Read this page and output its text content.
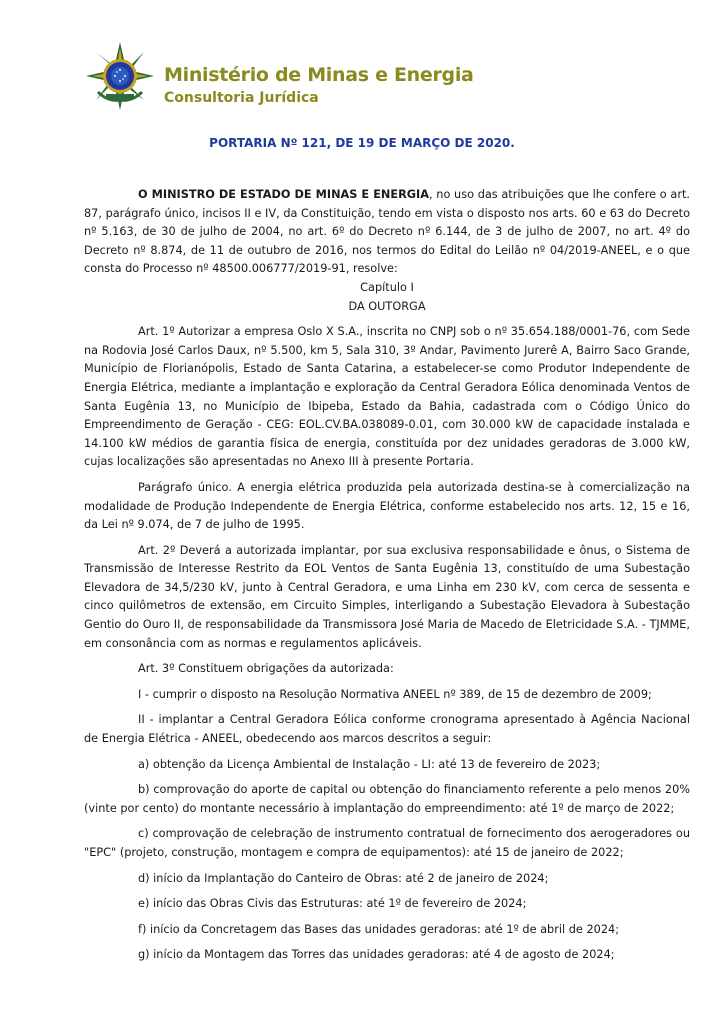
Ministério de Minas e Energia
Consultoria Jurídica
PORTARIA Nº 121, DE 19 DE MARÇO DE 2020.

O MINISTRO DE ESTADO DE MINAS E ENERGIA, no uso das atribuições que lhe confere o art. 87, parágrafo único, incisos II e IV, da Constituição, tendo em vista o disposto nos arts. 60 e 63 do Decreto nº 5.163, de 30 de julho de 2004, no art. 6º do Decreto nº 6.144, de 3 de julho de 2007, no art. 4º do Decreto nº 8.874, de 11 de outubro de 2016, nos termos do Edital do Leilão nº 04/2019-ANEEL, e o que consta do Processo nº 48500.006777/2019-91, resolve:

Capítulo I

DA OUTORGA

Art. 1º Autorizar a empresa Oslo X S.A., inscrita no CNPJ sob o nº 35.654.188/0001-76, com Sede na Rodovia José Carlos Daux, nº 5.500, km 5, Sala 310, 3º Andar, Pavimento Jurerê A, Bairro Saco Grande, Município de Florianópolis, Estado de Santa Catarina, a estabelecer-se como Produtor Independente de Energia Elétrica, mediante a implantação e exploração da Central Geradora Eólica denominada Ventos de Santa Eugênia 13, no Município de Ibipeba, Estado da Bahia, cadastrada com o Código Único do Empreendimento de Geração - CEG: EOL.CV.BA.038089-0.01, com 30.000 kW de capacidade instalada e 14.100 kW médios de garantia física de energia, constituída por dez unidades geradoras de 3.000 kW, cujas localizações são apresentadas no Anexo III à presente Portaria.

Parágrafo único. A energia elétrica produzida pela autorizada destina-se à comercialização na modalidade de Produção Independente de Energia Elétrica, conforme estabelecido nos arts. 12, 15 e 16, da Lei nº 9.074, de 7 de julho de 1995.

Art. 2º Deverá a autorizada implantar, por sua exclusiva responsabilidade e ônus, o Sistema de Transmissão de Interesse Restrito da EOL Ventos de Santa Eugênia 13, constituído de uma Subestação Elevadora de 34,5/230 kV, junto à Central Geradora, e uma Linha em 230 kV, com cerca de sessenta e cinco quilômetros de extensão, em Circuito Simples, interligando a Subestação Elevadora à Subestação Gentio do Ouro II, de responsabilidade da Transmissora José Maria de Macedo de Eletricidade S.A. - TJMME, em consonância com as normas e regulamentos aplicáveis.

Art. 3º Constituem obrigações da autorizada:

I - cumprir o disposto na Resolução Normativa ANEEL nº 389, de 15 de dezembro de 2009;

II - implantar a Central Geradora Eólica conforme cronograma apresentado à Agência Nacional de Energia Elétrica - ANEEL, obedecendo aos marcos descritos a seguir:

a) obtenção da Licença Ambiental de Instalação - LI: até 13 de fevereiro de 2023;

b) comprovação do aporte de capital ou obtenção do financiamento referente a pelo menos 20% (vinte por cento) do montante necessário à implantação do empreendimento: até 1º de março de 2022;

c) comprovação de celebração de instrumento contratual de fornecimento dos aerogeradores ou "EPC" (projeto, construção, montagem e compra de equipamentos): até 15 de janeiro de 2022;

d) início da Implantação do Canteiro de Obras: até 2 de janeiro de 2024;

e) início das Obras Civis das Estruturas: até 1º de fevereiro de 2024;

f) início da Concretagem das Bases das unidades geradoras: até 1º de abril de 2024;

g) início da Montagem das Torres das unidades geradoras: até 4 de agosto de 2024;
